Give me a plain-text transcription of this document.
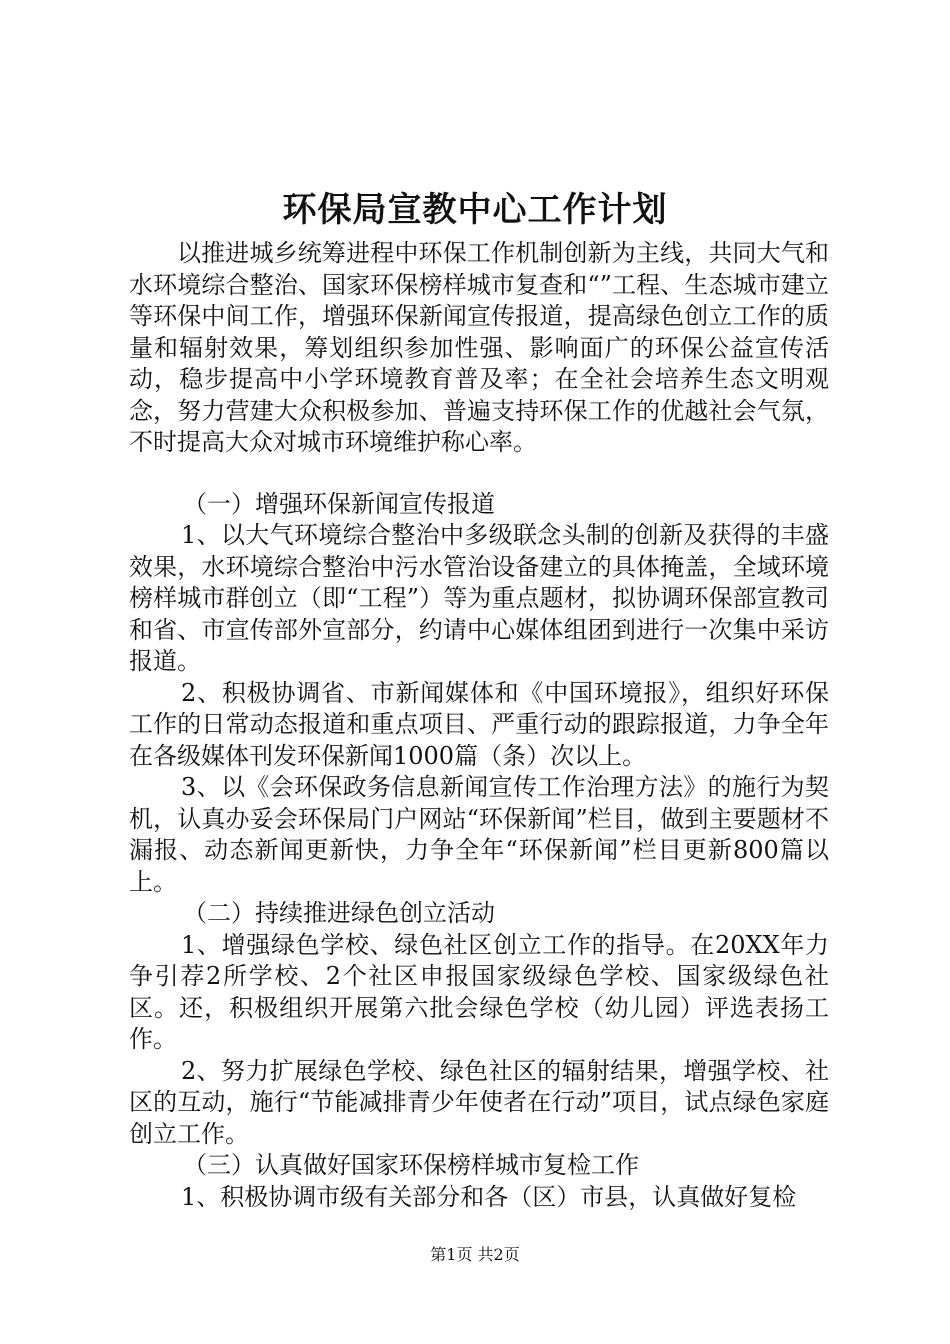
环保局宣教中心工作计划

以推进城乡统筹进程中环保工作机制创新为主线，共同大气和水环境综合整治、国家环保榜样城市复查和“”工程、生态城市建立等环保中间工作，增强环保新闻宣传报道，提高绿色创立工作的质量和辐射效果，筹划组织参加性强、影响面广的环保公益宣传活动，稳步提高中小学环境教育普及率；在全社会培养生态文明观念，努力营建大众积极参加、普遍支持环保工作的优越社会气氛，不时提高大众对城市环境维护称心率。

（一）增强环保新闻宣传报道

1、以大气环境综合整治中多级联念头制的创新及获得的丰盛效果，水环境综合整治中污水管治设备建立的具体掩盖，全域环境榜样城市群创立（即“工程”）等为重点题材，拟协调环保部宣教司和省、市宣传部外宣部分，约请中心媒体组团到进行一次集中采访报道。

2、积极协调省、市新闻媒体和《中国环境报》，组织好环保工作的日常动态报道和重点项目、严重行动的跟踪报道，力争全年在各级媒体刊发环保新闻1000篇（条）次以上。

3、以《会环保政务信息新闻宣传工作治理方法》的施行为契机，认真办妥会环保局门户网站“环保新闻”栏目，做到主要题材不漏报、动态新闻更新快，力争全年“环保新闻”栏目更新800篇以上。

（二）持续推进绿色创立活动

1、增强绿色学校、绿色社区创立工作的指导。在20XX年力争引荐2所学校、2个社区申报国家级绿色学校、国家级绿色社区。还，积极组织开展第六批会绿色学校（幼儿园）评选表扬工作。

2、努力扩展绿色学校、绿色社区的辐射结果，增强学校、社区的互动，施行“节能减排青少年使者在行动”项目，试点绿色家庭创立工作。

（三）认真做好国家环保榜样城市复检工作

1、积极协调市级有关部分和各（区）市县，认真做好复检

第1页 共2页
